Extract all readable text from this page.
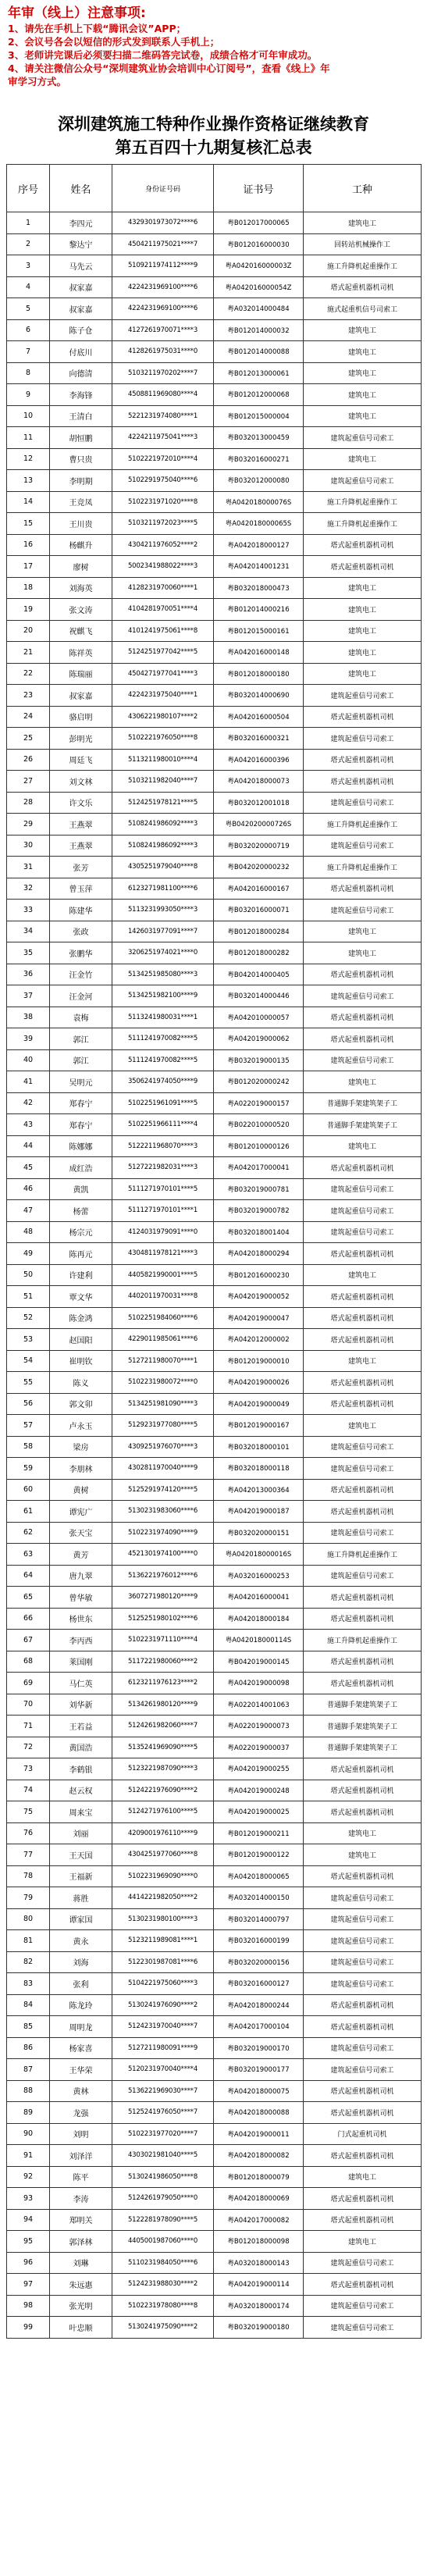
年审（线上）注意事项:
1、请先在手机上下载“腾讯会议”APP；
2、会议号各会以短信的形式发到联系人手机上；
3、老师讲完课后必须要扫描二维码答完试卷，成绩合格才可年审成功。
4、请关注微信公众号“深圳建筑业协会培训中心订阅号”，查看《线上》年
审学习方式。
深圳建筑施工特种作业操作资格证继续教育
第五百四十九期复核汇总表
序号	姓名	身份证号码	证书号	工种
1	李四元	4329301973072****6	粤B012017000065	建筑电工
2	黎达宁	4504211975021****7	粤B012016000030	回转站机械操作工
3	马先云	5109211974112****9	粤A042016000003Z	施工升降机起重操作工
4	叔家嘉	4224231969100****6	粤A042016000054Z	塔式起重机器机司机
5	叔家嘉	4224231969100****6	粤A032014000484	施式起重机信号司索工
6	陈子仓	4127261970071****3	粤B012014000032	建筑电工
7	付底川	4128261975031****0	粤B012014000088	建筑电工
8	向德清	5103211970202****7	粤B012013000061	建筑电工
9	李海锋	4508811969080****4	粤B012012000068	建筑电工
10	王清白	5221231974080****1	粤B012015000004	建筑电工
11	胡恒鹏	4224211975041****3	粤B032013000459	建筑起重信号司索工
12	曹只贵	5102221972010****4	粤B032016000271	建筑电工
13	李明期	5102291975040****6	粤B032012000080	建筑起重信号司索工
14	王竞凤	5102231971020****8	粤A042018000076S	施工升降机起重操作工
15	王川贵	5103211972023****5	粤A042018000065S	施工升降机起重操作工
16	杨麒升	4304211976052****2	粤A042018000127	塔式起重机器机司机
17	廖树	5002341988022****3	粤A042014001231	塔式起重机器机司机
18	刘海英	4128231970060****1	粤B032018000473	建筑电工
19	张文涛	4104281970051****4	粤B012014000216	建筑电工
20	祝麒飞	4101241975061****8	粤B012015000161	建筑电工
21	陈祥英	5124251977042****5	粤A042016000148	建筑电工
22	陈瑞丽	4504271977041****3	粤B012018000180	建筑电工
23	叔家嘉	4224231975040****1	粤B032014000690	建筑起重信号司索工
24	骆启明	4306221980107****2	粤A042016000504	塔式起重机器机司机
25	彭明光	5102221976050****8	粤B032016000321	建筑起重信号司索工
26	周廷飞	5113211980010****4	粤A042016000396	塔式起重机器机司机
27	刘文林	5103211982040****7	粤A042018000073	塔式起重机器机司机
28	许文乐	5124251978121****5	粤B032012001018	建筑起重信号司索工
29	王燕翠	5108241986092****3	粤B042020000726S	施工升降机起重操作工
30	王燕翠	5108241986092****3	粤B032020000719	建筑起重信号司索工
31	张芳	4305251979040****8	粤B042020000232	施工升降机起重操作工
32	曾玉萍	6123271981100****6	粤A042016000167	塔式起重机器机司机
33	陈建华	5113231993050****3	粤B032016000071	建筑起重信号司索工
34	张政	1426031977091****7	粤B012018000284	建筑电工
35	张鹏华	3206251974021****0	粤B012018000282	建筑电工
36	汪金竹	5134251985080****3	粤B042014000405	塔式起重机器机司机
37	汪金河	5134251982100****9	粤B032014000446	建筑起重信号司索工
38	袁梅	5113241980031****1	粤A042010000057	塔式起重机器机司机
39	郭江	5111241970082****5	粤A042019000062	塔式起重机器机司机
40	郭江	5111241970082****5	粤B032019000135	建筑起重信号司索工
41	吴明元	3506241974050****9	粤B012020000242	建筑电工
42	郑春宁	5102251961091****5	粤A022019000157	普通脚手架建筑架子工
43	郑春宁	5102251966111****4	粤B022010000520	普通脚手架建筑架子工
44	陈娜娜	5122211968070****3	粤B012010000126	建筑电工
45	成红浩	5127221982031****3	粤A042017000041	塔式起重机器机司机
46	黄凯	5111271970101****5	粤B032019000781	建筑起重信号司索工
47	杨蕾	5111271970101****1	粤B032019000782	建筑起重信号司索工
48	杨宗元	4124031979091****0	粤B032018001404	建筑起重信号司索工
49	陈再元	4304811978121****3	粤A042018000294	塔式起重机器机司机
50	许建利	4405821990001****5	粤B012016000230	建筑电工
51	覃文华	4402011970031****8	粤A042019000052	塔式起重机器机司机
52	陈金鸿	5102251984060****6	粤A042019000047	塔式起重机器机司机
53	赵国阳	4229011985061****6	粤A042012000002	塔式起重机器机司机
54	崔明钦	5127211980070****1	粤B012019000010	建筑电工
55	陈义	5102231980072****0	粤A042019000026	塔式起重机器机司机
56	郭文卯	5134251981090****3	粤A042019000049	塔式起重机器机司机
57	卢永玉	5129231977080****5	粤B012019000167	建筑电工
58	梁房	4309251976070****3	粤B032018000101	建筑起重信号司索工
59	李朋林	4302811970040****9	粤B032018000118	建筑起重信号司索工
60	黄树	5125291974120****5	粤A042013000364	塔式起重机器机司机
61	谭宪广	5130231983060****6	粤A042019000187	塔式起重机器机司机
62	张天宝	5102231974090****9	粤B032020000151	建筑起重信号司索工
63	黄芳	4521301974100****0	粤A042018000016S	施工升降机起重操作工
64	唐九翠	5136221976012****6	粤A032016000253	建筑起重信号司索工
65	曾华敏	3607271980120****9	粤A042016000041	塔式起重机器机司机
66	杨世东	5125251980102****6	粤A042018000184	塔式起重机器机司机
67	李丙西	5102231971110****4	粤A042018000114S	施工升降机起重操作工
68	莱国刚	5117221980060****2	粤B042019000145	塔式起重机器机司机
69	马仁英	6123211976123****2	粤A042019000098	塔式起重机器机司机
70	刘华新	5134261980120****9	粤A022014001063	普通脚手架建筑架子工
71	王若益	5124261982060****7	粤A022019000073	普通脚手架建筑架子工
72	黄国浩	5135241969090****5	粤A022019000037	普通脚手架建筑架子工
73	李鹤银	5123221987090****3	粤A042019000255	塔式起重机器机司机
74	赵云权	5124221976090****2	粤A042019000248	塔式起重机器机司机
75	周来宝	5124271976100****5	粤A042019000025	塔式起重机器机司机
76	刘丽	4209001976110****9	粤B012019000211	建筑电工
77	王天国	4304251977060****8	粤B012019000122	建筑电工
78	王福新	5102231969090****0	粤A042018000065	塔式起重机器机司机
79	蒋胜	4414221982050****2	粤A032014000150	建筑起重信号司索工
80	谭家国	5130231980100****3	粤B032014000797	建筑起重信号司索工
81	黄永	5123211989081****1	粤B032016000199	建筑起重信号司索工
82	刘海	5122301987081****6	粤B032020000156	建筑起重信号司索工
83	张利	5104221975060****3	粤B032016000127	建筑起重信号司索工
84	陈龙玲	5130241976090****2	粤A042018000244	塔式起重机器机司机
85	周明龙	5124231970040****7	粤A042017000104	塔式起重机器机司机
86	杨家喜	5127211980091****9	粤B032019000170	建筑起重信号司索工
87	王华荣	5120231970040****4	粤B032019000177	建筑起重信号司索工
88	黄林	5136221969030****7	粤A042018000075	塔式起重机器机司机
89	龙强	5125241976050****7	粤A042018000088	塔式起重机器机司机
90	刘明	5102231977020****7	粤A042019000011	门式起重机司机
91	刘泽洋	4303021981040****5	粤A042018000082	塔式起重机器机司机
92	陈平	5130241986050****8	粤B012018000079	建筑电工
93	李涛	5124261979050****0	粤A042018000069	塔式起重机器机司机
94	郑明关	5122281978090****5	粤A042017000082	塔式起重机器机司机
95	郭泽林	4405001987060****0	粤B012018000098	建筑电工
96	刘琳	5110231984050****6	粤A032018000143	建筑起重信号司索工
97	朱远惠	5124231988030****2	粤A042019000114	塔式起重机器机司机
98	张光明	5102231978080****8	粤A032018000174	建筑起重信号司索工
99	叶忠顺	5130241975090****2	粤B032019000180	建筑起重信号司索工
